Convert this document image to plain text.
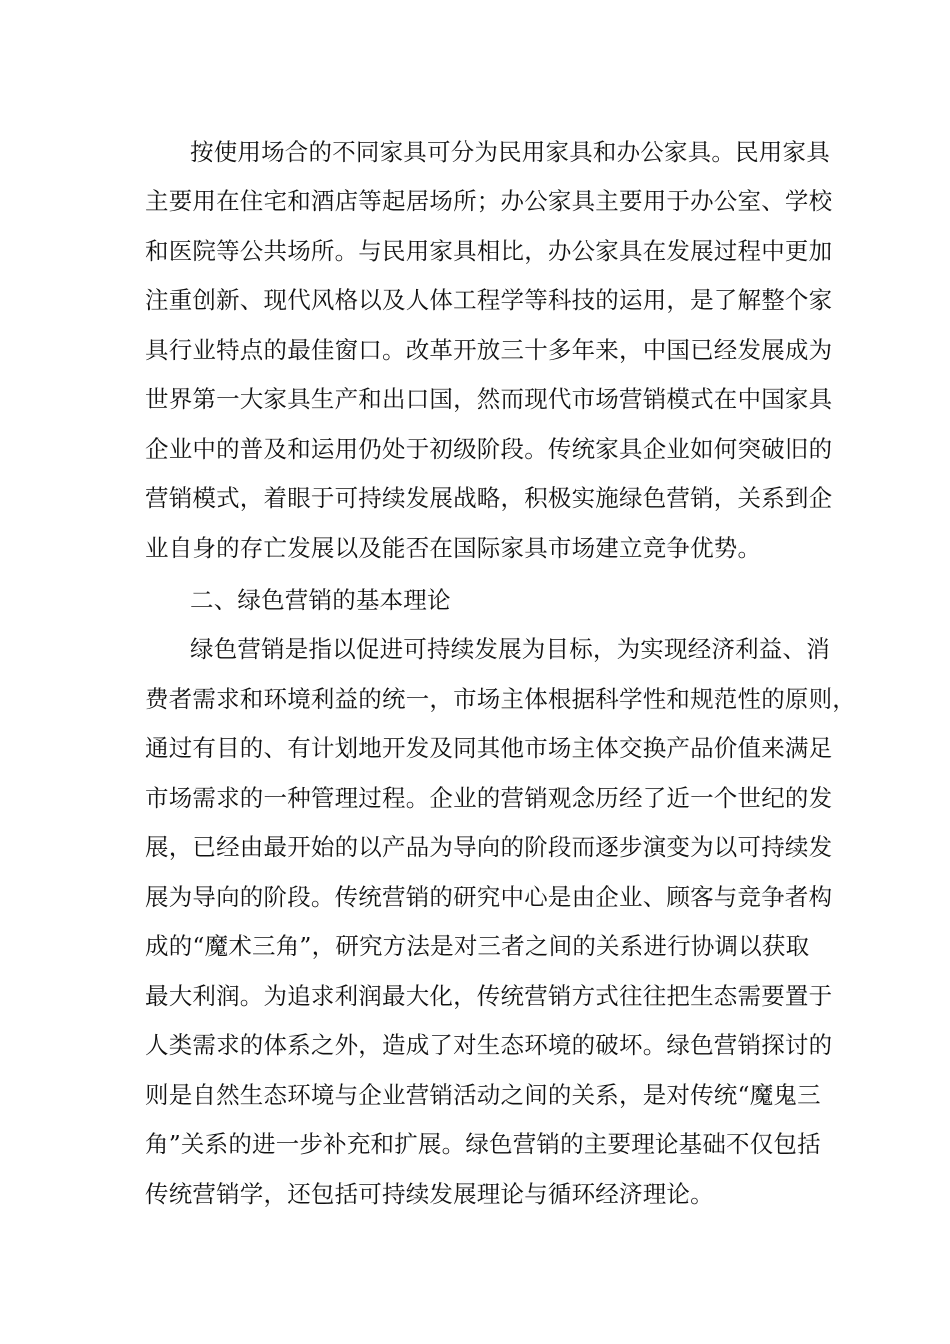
按使用场合的不同家具可分为民用家具和办公家具。民用家具
主要用在住宅和酒店等起居场所；办公家具主要用于办公室、学校
和医院等公共场所。与民用家具相比，办公家具在发展过程中更加
注重创新、现代风格以及人体工程学等科技的运用，是了解整个家
具行业特点的最佳窗口。改革开放三十多年来，中国已经发展成为
世界第一大家具生产和出口国，然而现代市场营销模式在中国家具
企业中的普及和运用仍处于初级阶段。传统家具企业如何突破旧的
营销模式，着眼于可持续发展战略，积极实施绿色营销，关系到企
业自身的存亡发展以及能否在国际家具市场建立竞争优势。
二、绿色营销的基本理论
绿色营销是指以促进可持续发展为目标，为实现经济利益、消
费者需求和环境利益的统一，市场主体根据科学性和规范性的原则，
通过有目的、有计划地开发及同其他市场主体交换产品价值来满足
市场需求的一种管理过程。企业的营销观念历经了近一个世纪的发
展，已经由最开始的以产品为导向的阶段而逐步演变为以可持续发
展为导向的阶段。传统营销的研究中心是由企业、顾客与竞争者构
成的“魔术三角”，研究方法是对三者之间的关系进行协调以获取
最大利润。为追求利润最大化，传统营销方式往往把生态需要置于
人类需求的体系之外，造成了对生态环境的破坏。绿色营销探讨的
则是自然生态环境与企业营销活动之间的关系，是对传统“魔鬼三
角”关系的进一步补充和扩展。绿色营销的主要理论基础不仅包括
传统营销学，还包括可持续发展理论与循环经济理论。
